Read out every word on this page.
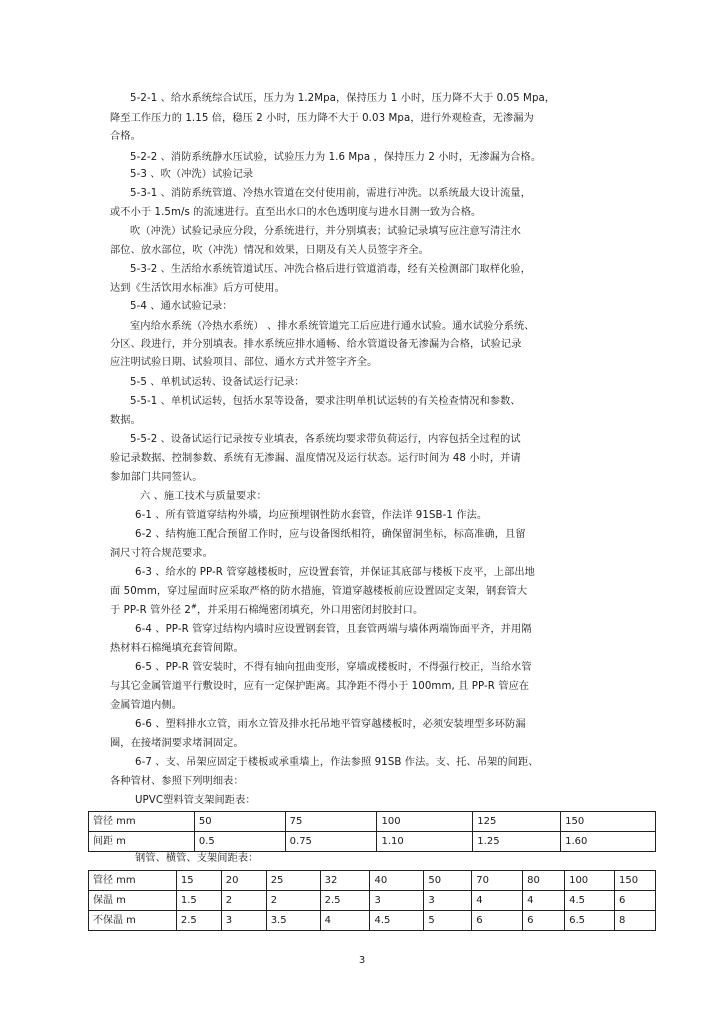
5-2-1 、给水系统综合试压，压力为 1.2Mpa，保持压力 1 小时，压力降不大于 0.05 Mpa，
降至工作压力的 1.15 倍，稳压 2 小时，压力降不大于 0.03 Mpa，进行外观检查，无渗漏为
合格。
5-2-2 、消防系统静水压试验，试验压力为 1.6 Mpa ，保持压力 2 小时，无渗漏为合格。
5-3 、吹（冲洗）试验记录
5-3-1 、消防系统管道、冷热水管道在交付使用前，需进行冲洗。以系统最大设计流量，
或不小于 1.5m/s 的流速进行。直至出水口的水色透明度与进水目测一致为合格。
吹（冲洗）试验记录应分段，分系统进行，并分别填表；试验记录填写应注意写清注水
部位、放水部位，吹（冲洗）情况和效果，日期及有关人员签字齐全。
5-3-2 、生活给水系统管道试压、冲洗合格后进行管道消毒，经有关检测部门取样化验，
达到《生活饮用水标准》后方可使用。
5-4 、通水试验记录：
室内给水系统（冷热水系统） 、排水系统管道完工后应进行通水试验。通水试验分系统、
分区、段进行，并分别填表。排水系统应排水通畅、给水管道设备无渗漏为合格，试验记录
应注明试验日期、试验项目、部位、通水方式并签字齐全。
5-5 、单机试运转、设备试运行记录：
5-5-1 、单机试运转，包括水泵等设备，要求注明单机试运转的有关检查情况和参数、
数据。
5-5-2 、设备试运行记录按专业填表，各系统均要求带负荷运行，内容包括全过程的试
验记录数据、控制参数、系统有无渗漏、温度情况及运行状态。运行时间为 48 小时，并请
参加部门共同签认。
六 、施工技术与质量要求：
6-1 、所有管道穿结构外墙，均应预埋钢性防水套管，作法详 91SB-1 作法。
6-2 、结构施工配合预留工作时，应与设备图纸相符，确保留洞坐标，标高准确，且留
洞尺寸符合规范要求。
6-3 、给水的 PP-R 管穿越楼板时，应设置套管，并保证其底部与楼板下皮平，上部出地
面 50mm，穿过屋面时应采取严格的防水措施，管道穿越楼板前应设置固定支架，钢套管大
于 PP-R 管外径 2#，并采用石棉绳密闭填充，外口用密闭封胶封口。
6-4 、PP-R 管穿过结构内墙时应设置钢套管，且套管两端与墙体两端饰面平齐，并用隔
热材料石棉绳填充套管间隙。
6-5 、PP-R 管安装时，不得有轴向扭曲变形，穿墙或楼板时，不得强行校正，当给水管
与其它金属管道平行敷设时，应有一定保护距离。其净距不得小于 100mm, 且 PP-R 管应在
金属管道内侧。
6-6 、塑料排水立管，雨水立管及排水托吊地平管穿越楼板时，必须安装埋型多环防漏
圈，在接堵洞要求堵洞固定。
6-7 、支、吊架应固定于楼板或承重墙上，作法参照 91SB 作法。支、托、吊架的间距、
各种管材、参照下列明细表：
UPVC塑料管支架间距表：
管径 mm	50	75	100	125	150
间距 m	0.5	0.75	1.10	1.25	1.60
钢管、横管、支架间距表：
管径 mm	15	20	25	32	40	50	70	80	100	150
保温 m	1.5	2	2	2.5	3	3	4	4	4.5	6
不保温 m	2.5	3	3.5	4	4.5	5	6	6	6.5	8
3
